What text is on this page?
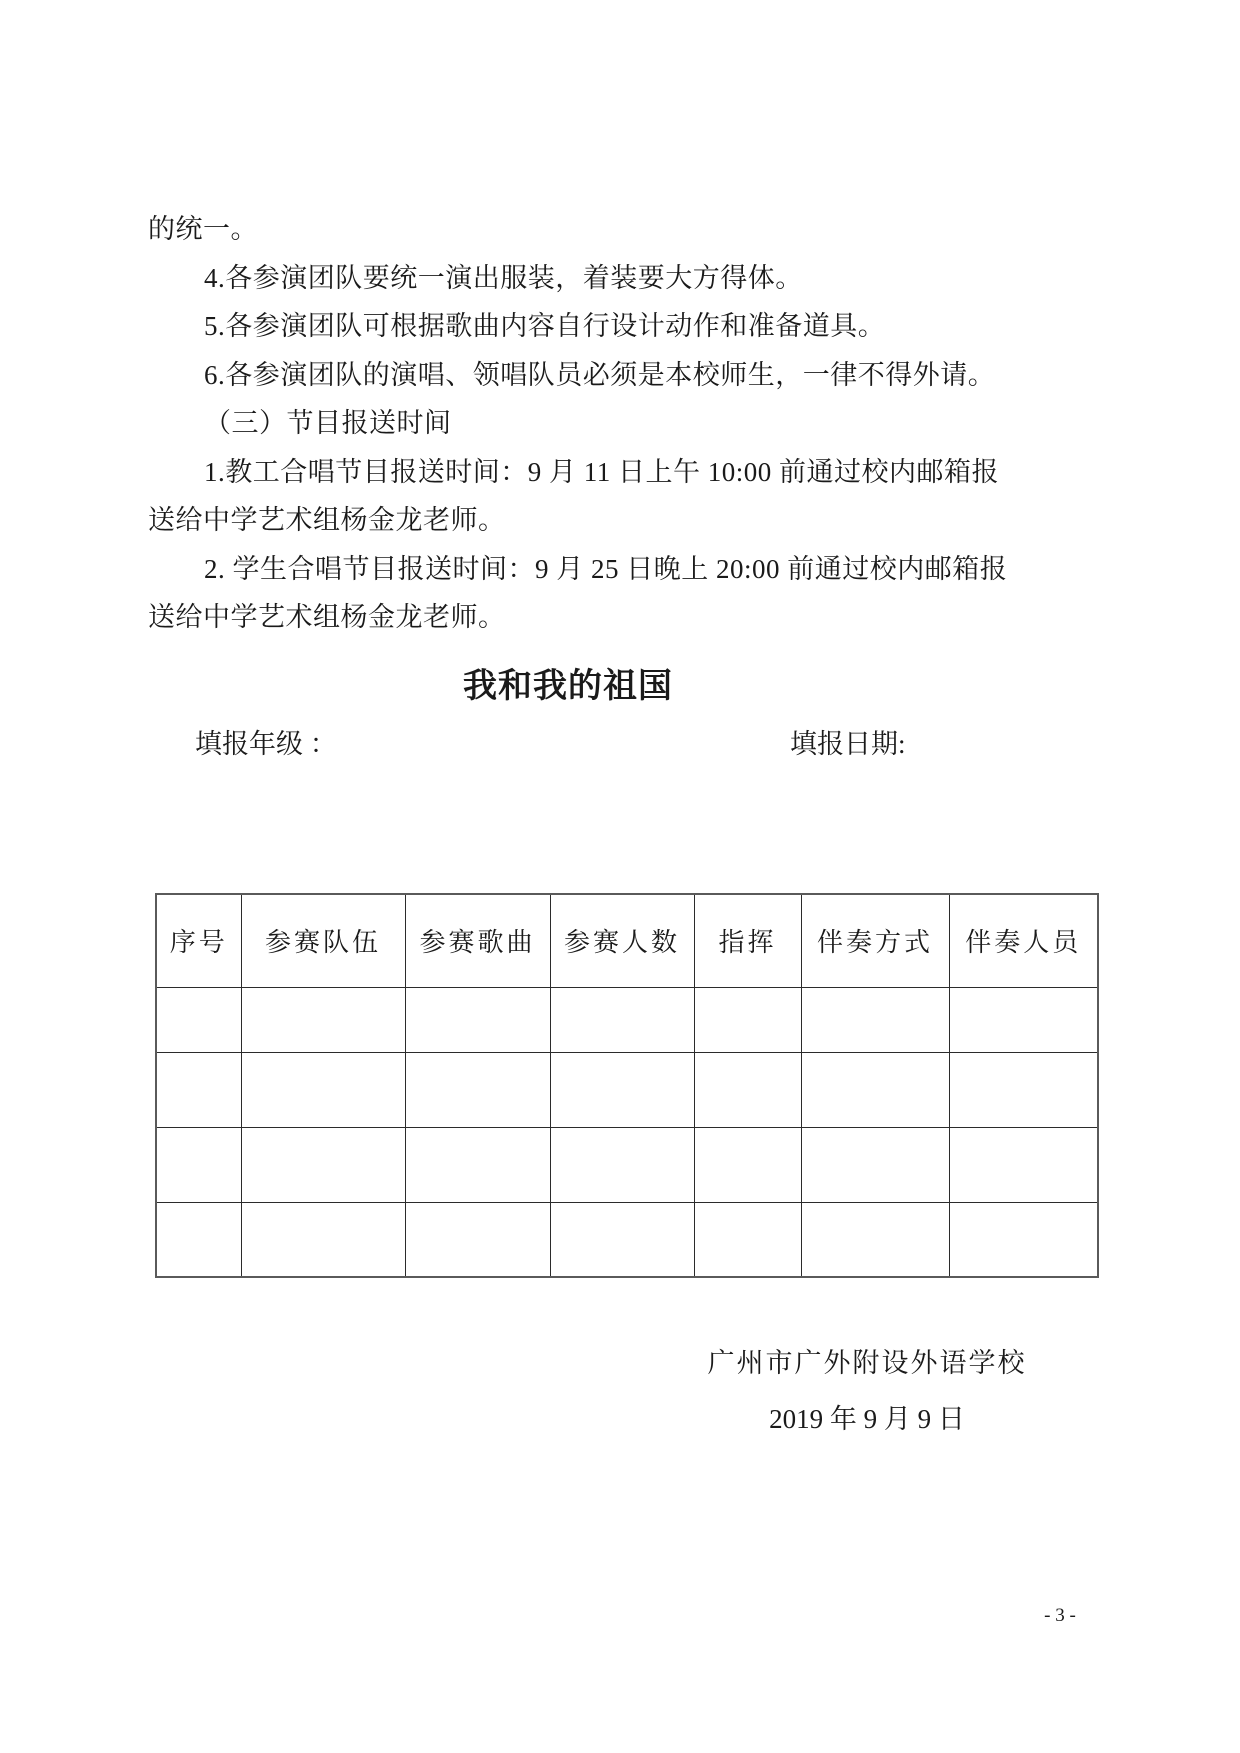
的统一。

4.各参演团队要统一演出服装，着装要大方得体。

5.各参演团队可根据歌曲内容自行设计动作和准备道具。

6.各参演团队的演唱、领唱队员必须是本校师生，一律不得外请。

（三）节目报送时间

1.教工合唱节目报送时间：9 月 11 日上午 10:00 前通过校内邮箱报

送给中学艺术组杨金龙老师。

2. 学生合唱节目报送时间：9 月 25 日晚上 20:00 前通过校内邮箱报

送给中学艺术组杨金龙老师。

我和我的祖国
填报年级 ：	填报日期:
序号	参赛队伍	参赛歌曲	参赛人数	指挥	伴奏方式	伴奏人员

广州市广外附设外语学校
2019 年 9 月 9 日
- 3 -
